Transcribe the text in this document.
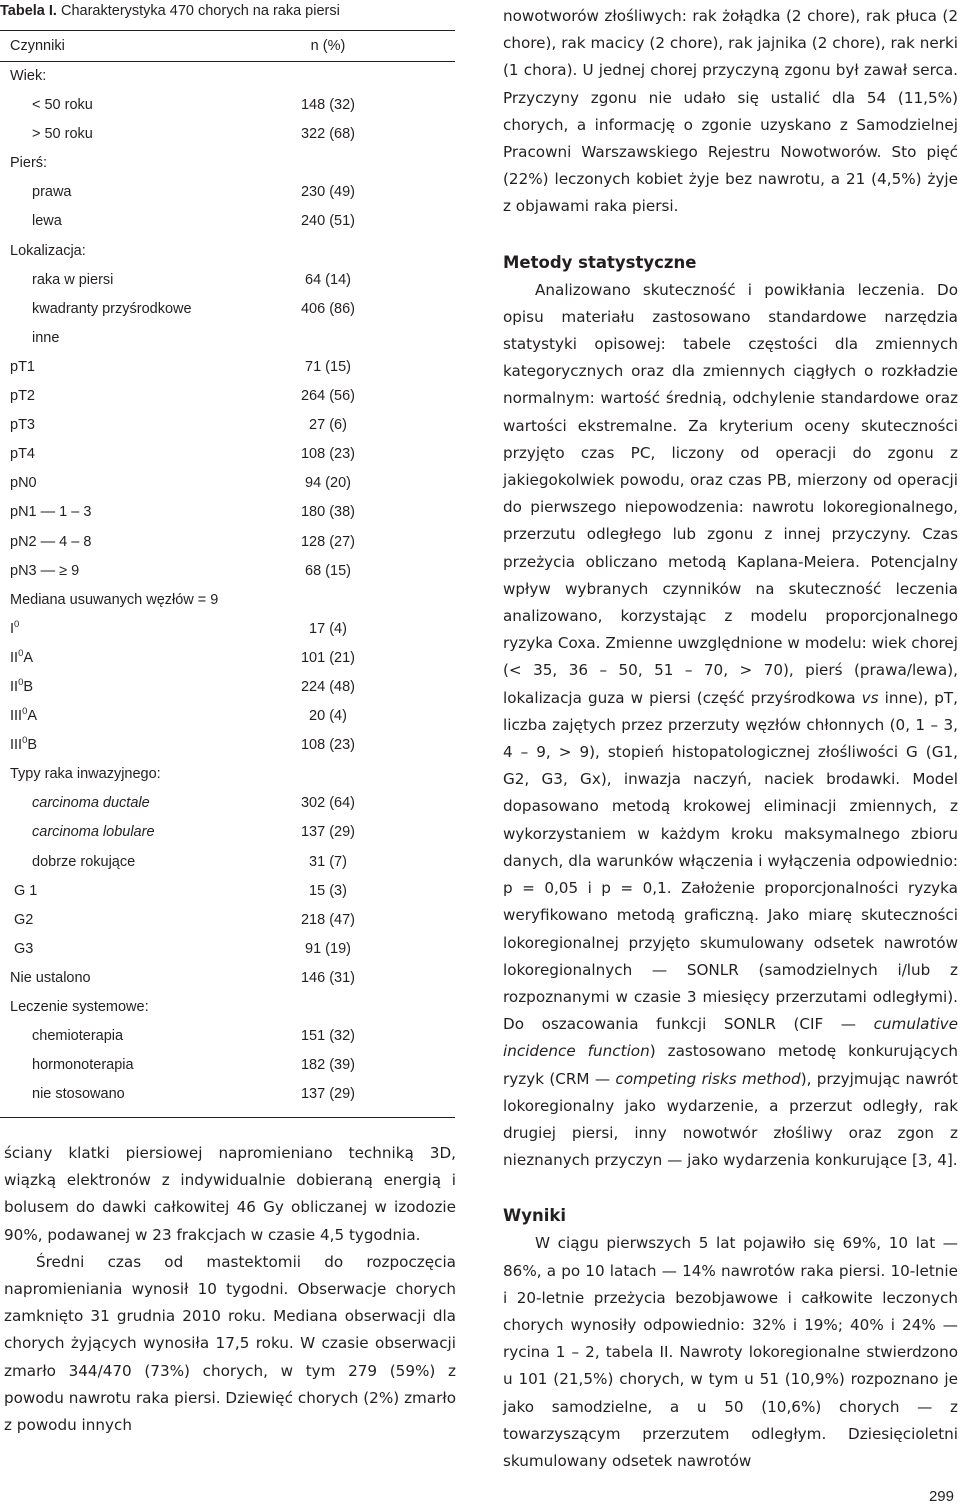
Tabela I. Charakterystyka 470 chorych na raka piersi
Czynniki	n (%)
Wiek:
< 50 roku	148 (32)
> 50 roku	322 (68)
Pierś:
prawa	230 (49)
lewa	240 (51)
Lokalizacja:
raka w piersi	64 (14)
kwadranty przyśrodkowe	406 (86)
inne
pT1	71 (15)
pT2	264 (56)
pT3	27 (6)
pT4	108 (23)
pN0	94 (20)
pN1 — 1 – 3	180 (38)
pN2 — 4 – 8	128 (27)
pN3 — ≥ 9	68 (15)
Mediana usuwanych węzłów = 9
$I^0$	17 (4)
$II^0A$	101 (21)
$II^0B$	224 (48)
III$^0$A	20 (4)
III$^0$B	108 (23)
Typy raka inwazyjnego:
carcinoma ductale	302 (64)
carcinoma lobulare	137 (29)
dobrze rokujące	31 (7)
G 1	15 (3)
G2	218 (47)
G3	91 (19)
Nie ustalono	146 (31)
Leczenie systemowe:
chemioterapia	151 (32)
hormonoterapia	182 (39)
nie stosowano	137 (29)

ściany klatki piersiowej napromieniano techniką 3D, wiązką elektronów z indywidualnie dobieraną energią i bolusem do dawki całkowitej 46 Gy obliczanej w izodozie 90%, podawanej w 23 frakcjach w czasie 4,5 tygodnia.

Średni czas od mastektomii do rozpoczęcia napromieniania wynosił 10 tygodni. Obserwacje chorych zamknięto 31 grudnia 2010 roku. Mediana obserwacji dla chorych żyjących wynosiła 17,5 roku. W czasie obserwacji zmarło 344/470 (73%) chorych, w tym 279 (59%) z powodu nawrotu raka piersi. Dziewięć chorych (2%) zmarło z powodu innych

nowotworów złośliwych: rak żołądka (2 chore), rak płuca (2 chore), rak macicy (2 chore), rak jajnika (2 chore), rak nerki (1 chora). U jednej chorej przyczyną zgonu był zawał serca. Przyczyny zgonu nie udało się ustalić dla 54 (11,5%) chorych, a informację o zgonie uzyskano z Samodzielnej Pracowni Warszawskiego Rejestru Nowotworów. Sto pięć (22%) leczonych kobiet żyje bez nawrotu, a 21 (4,5%) żyje z objawami raka piersi.

Metody statystyczne

Analizowano skuteczność i powikłania leczenia. Do opisu materiału zastosowano standardowe narzędzia statystyki opisowej: tabele częstości dla zmiennych kategorycznych oraz dla zmiennych ciągłych o rozkładzie normalnym: wartość średnią, odchylenie standardowe oraz wartości ekstremalne. Za kryterium oceny skuteczności przyjęto czas PC, liczony od operacji do zgonu z jakiegokolwiek powodu, oraz czas PB, mierzony od operacji do pierwszego niepowodzenia: nawrotu lokoregionalnego, przerzutu odległego lub zgonu z innej przyczyny. Czas przeżycia obliczano metodą Kaplana-Meiera. Potencjalny wpływ wybranych czynników na skuteczność leczenia analizowano, korzystając z modelu proporcjonalnego ryzyka Coxa. Zmienne uwzględnione w modelu: wiek chorej (< 35, 36 – 50, 51 – 70, > 70), pierś (prawa/lewa), lokalizacja guza w piersi (część przyśrodkowa vs inne), pT, liczba zajętych przez przerzuty węzłów chłonnych (0, 1 – 3, 4 – 9, > 9), stopień histopatologicznej złośliwości G (G1, G2, G3, Gx), inwazja naczyń, naciek brodawki. Model dopasowano metodą krokowej eliminacji zmiennych, z wykorzystaniem w każdym kroku maksymalnego zbioru danych, dla warunków włączenia i wyłączenia odpowiednio: p = 0,05 i p = 0,1. Założenie proporcjonalności ryzyka weryfikowano metodą graficzną. Jako miarę skuteczności lokoregionalnej przyjęto skumulowany odsetek nawrotów lokoregionalnych — SONLR (samodzielnych i/lub z rozpoznanymi w czasie 3 miesięcy przerzutami odległymi). Do oszacowania funkcji SONLR (CIF — cumulative incidence function) zastosowano metodę konkurujących ryzyk (CRM — competing risks method), przyjmując nawrót lokoregionalny jako wydarzenie, a przerzut odległy, rak drugiej piersi, inny nowotwór złośliwy oraz zgon z nieznanych przyczyn — jako wydarzenia konkurujące [3, 4].

Wyniki

W ciągu pierwszych 5 lat pojawiło się 69%, 10 lat — 86%, a po 10 latach — 14% nawrotów raka piersi. 10-letnie i 20-letnie przeżycia bezobjawowe i całkowite leczonych chorych wynosiły odpowiednio: 32% i 19%; 40% i 24% — rycina 1 – 2, tabela II. Nawroty lokoregionalne stwierdzono u 101 (21,5%) chorych, w tym u 51 (10,9%) rozpoznano je jako samodzielne, a u 50 (10,6%) chorych — z towarzyszącym przerzutem odległym. Dziesięcioletni skumulowany odsetek nawrotów

299
